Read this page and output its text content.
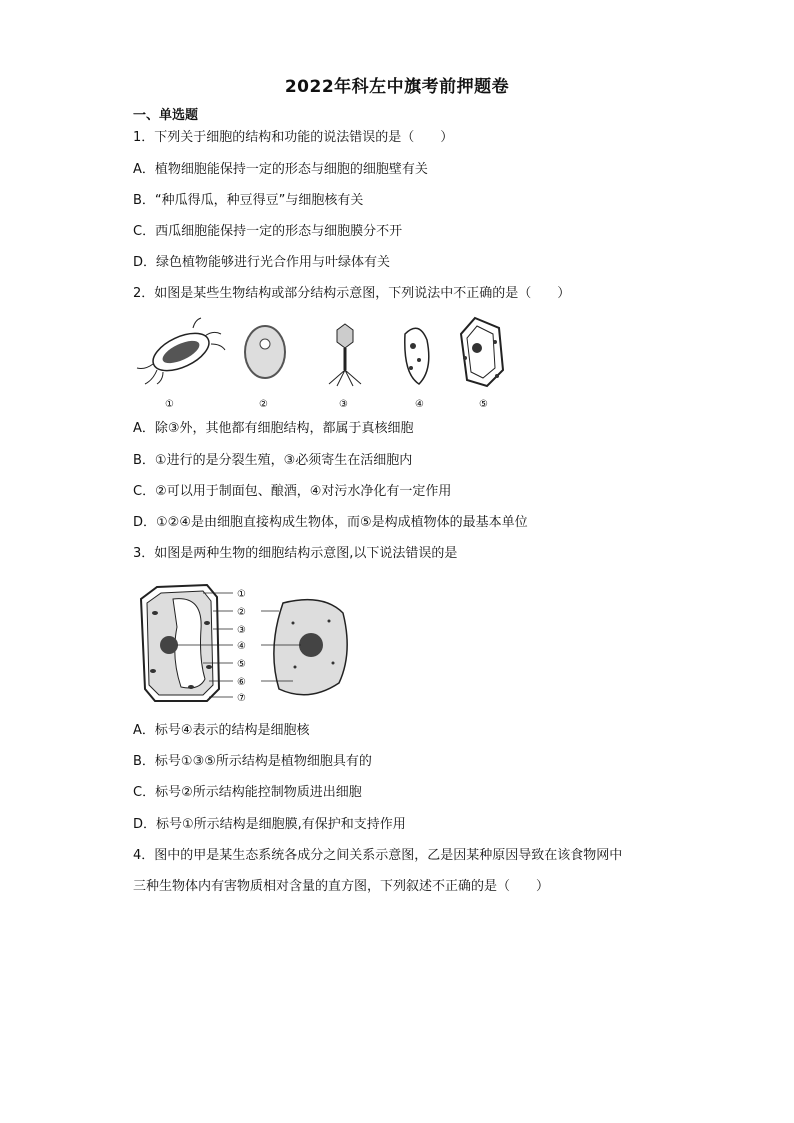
2022年科左中旗考前押题卷
一、单选题
1．下列关于细胞的结构和功能的说法错误的是（　　）
A．植物细胞能保持一定的形态与细胞的细胞壁有关
B．“种瓜得瓜，种豆得豆”与细胞核有关
C．西瓜细胞能保持一定的形态与细胞膜分不开
D．绿色植物能够进行光合作用与叶绿体有关
2．如图是某些生物结构或部分结构示意图，下列说法中不正确的是（　　）
①	②	③	④	⑤
A．除③外，其他都有细胞结构，都属于真核细胞
B．①进行的是分裂生殖，③必须寄生在活细胞内
C．②可以用于制面包、酿酒，④对污水净化有一定作用
D．①②④是由细胞直接构成生物体，而⑤是构成植物体的最基本单位
3．如图是两种生物的细胞结构示意图,以下说法错误的是
①
②
③
④
⑤
⑥
⑦
A．标号④表示的结构是细胞核
B．标号①③⑤所示结构是植物细胞具有的
C．标号②所示结构能控制物质进出细胞
D．标号①所示结构是细胞膜,有保护和支持作用
4．图中的甲是某生态系统各成分之间关系示意图，乙是因某种原因导致在该食物网中
三种生物体内有害物质相对含量的直方图，下列叙述不正确的是（　　）
